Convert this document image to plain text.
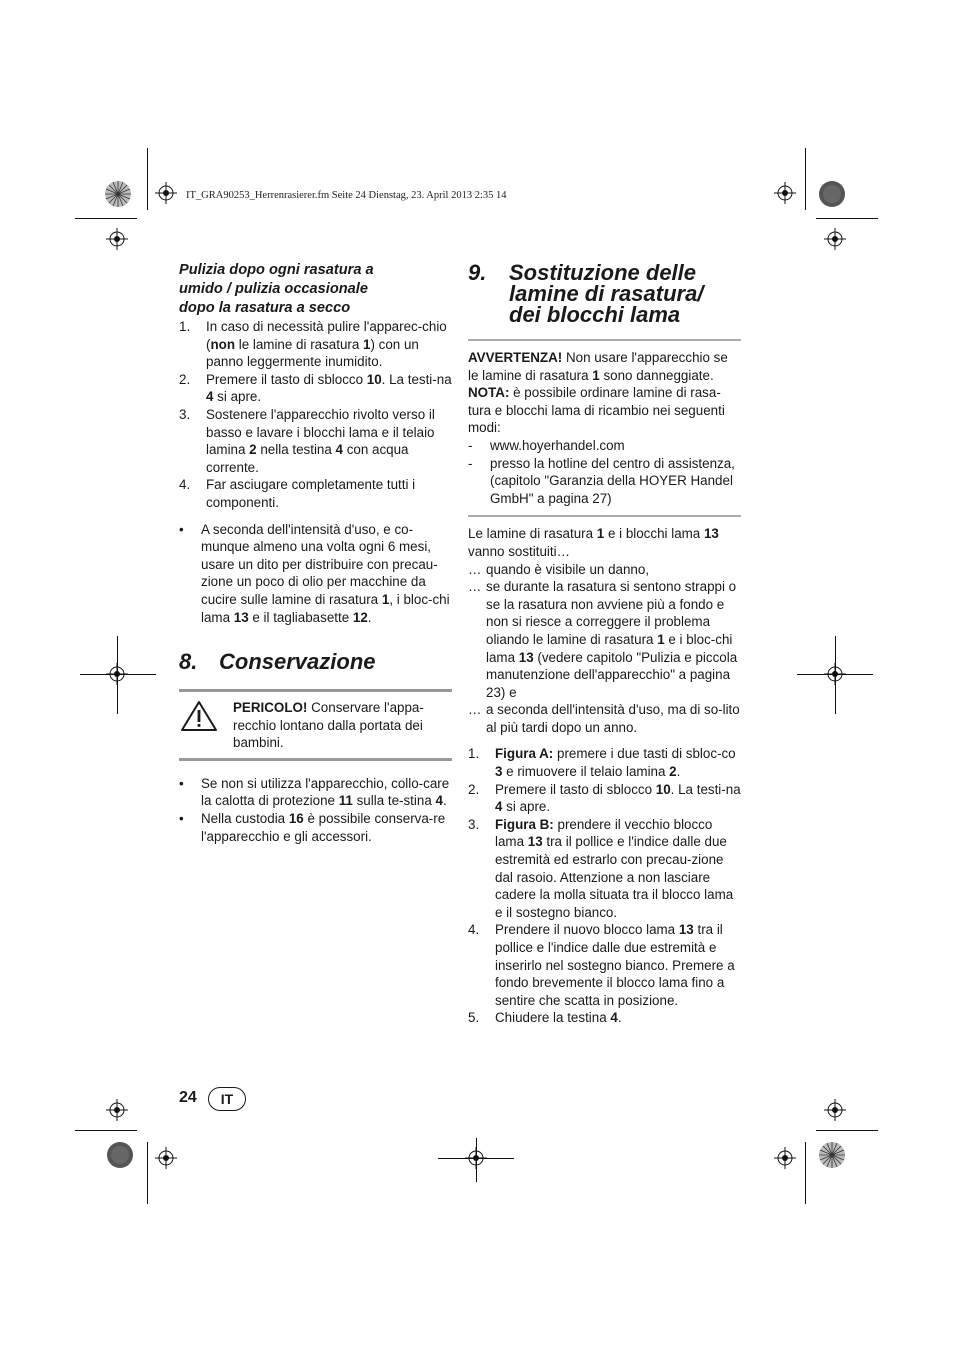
IT_GRA90253_Herrenrasierer.fm Seite 24 Dienstag, 23. April 2013 2:35 14
Pulizia dopo ogni rasatura a
umido / pulizia occasionale
dopo la rasatura a secco
1.	In caso di necessità pulire l'apparec-chio (non le lamine di rasatura 1) con un panno leggermente inumidito.
2.	Premere il tasto di sblocco 10. La testi-na 4 si apre.
3.	Sostenere l'apparecchio rivolto verso il basso e lavare i blocchi lama e il telaio lamina 2 nella testina 4 con acqua corrente.
4.	Far asciugare completamente tutti i componenti.
•	A seconda dell'intensità d'uso, e co-munque almeno una volta ogni 6 mesi, usare un dito per distribuire con precau-zione un poco di olio per macchine da cucire sulle lamine di rasatura 1, i bloc-chi lama 13 e il tagliabasette 12.
8. Conservazione
PERICOLO! Conservare l'appa-recchio lontano dalla portata dei bambini.
•	Se non si utilizza l'apparecchio, collo-care la calotta di protezione 11 sulla te-stina 4.
•	Nella custodia 16 è possibile conserva-re l'apparecchio e gli accessori.
9.	Sostituzione delle
lamine di rasatura/
dei blocchi lama
AVVERTENZA! Non usare l'apparecchio se le lamine di rasatura 1 sono danneggiate.
NOTA: è possibile ordinare lamine di rasa-tura e blocchi lama di ricambio nei seguenti modi:
-	www.hoyerhandel.com
-	presso la hotline del centro di assistenza, (capitolo "Garanzia della HOYER Handel GmbH" a pagina 27)
Le lamine di rasatura 1 e i blocchi lama 13 vanno sostituiti…
… quando è visibile un danno,
… se durante la rasatura si sentono strappi o se la rasatura non avviene più a fondo e non si riesce a correggere il problema oliando le lamine di rasatura 1 e i bloc-chi lama 13 (vedere capitolo "Pulizia e piccola manutenzione dell'apparecchio" a pagina 23) e
… a seconda dell'intensità d'uso, ma di so-lito al più tardi dopo un anno.
1.	Figura A: premere i due tasti di sbloc-co 3 e rimuovere il telaio lamina 2.
2.	Premere il tasto di sblocco 10. La testi-na 4 si apre.
3.	Figura B: prendere il vecchio blocco lama 13 tra il pollice e l'indice dalle due estremità ed estrarlo con precau-zione dal rasoio. Attenzione a non lasciare cadere la molla situata tra il blocco lama e il sostegno bianco.
4.	Prendere il nuovo blocco lama 13 tra il pollice e l'indice dalle due estremità e inserirlo nel sostegno bianco. Premere a fondo brevemente il blocco lama fino a sentire che scatta in posizione.
5.	Chiudere la testina 4.
24	IT
